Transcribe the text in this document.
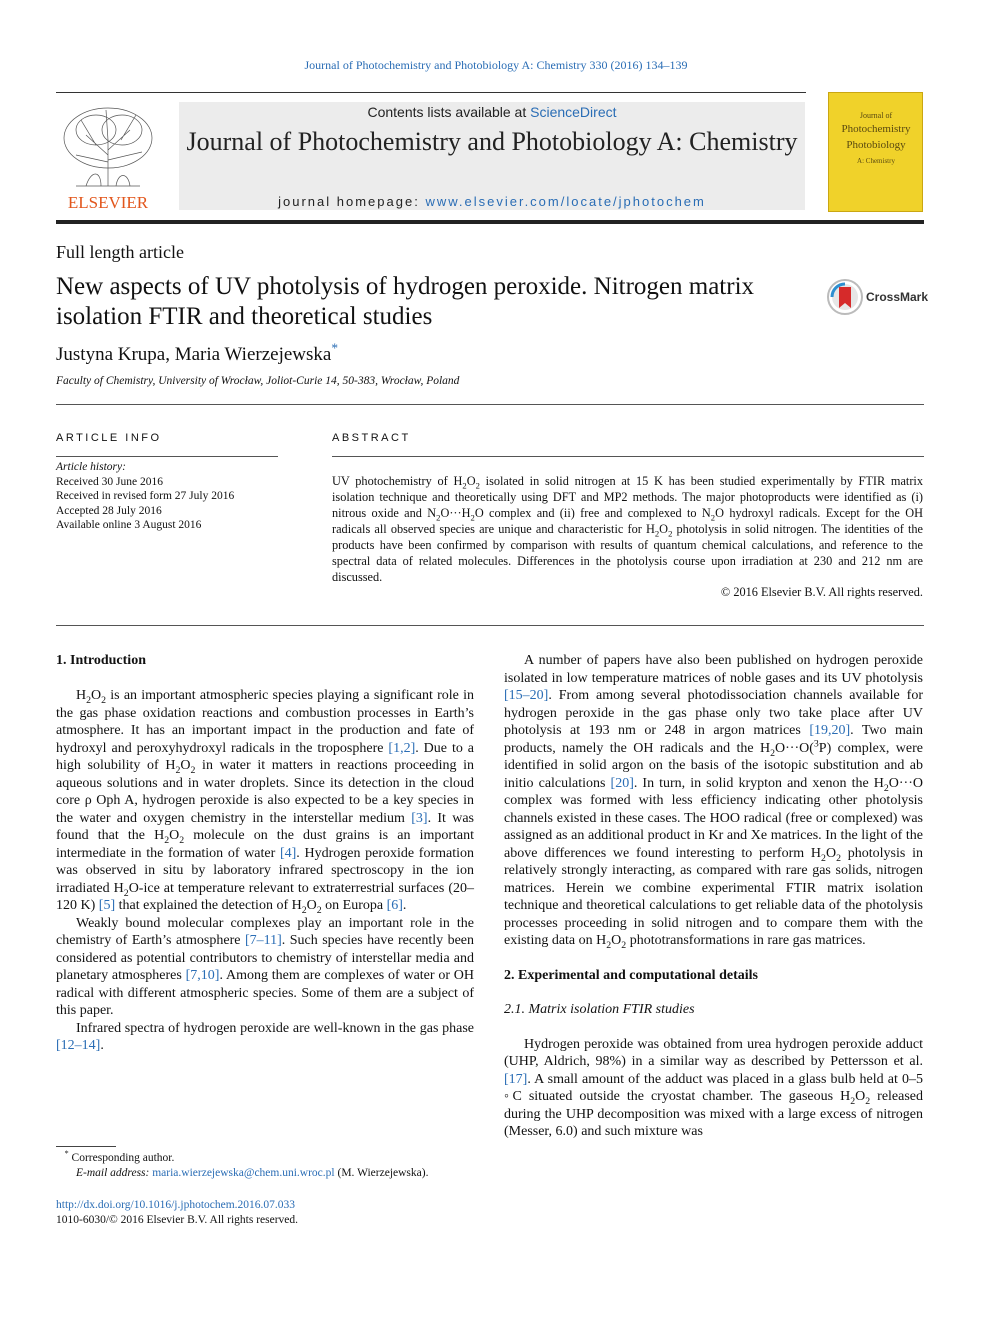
Journal of Photochemistry and Photobiology A: Chemistry 330 (2016) 134–139
ELSEVIER
Contents lists available at ScienceDirect
Journal of Photochemistry and Photobiology A: Chemistry
journal homepage: www.elsevier.com/locate/jphotochem
Journal of
Photochemistry
Photobiology
A: Chemistry
Full length article
New aspects of UV photolysis of hydrogen peroxide. Nitrogen matrix isolation FTIR and theoretical studies
CrossMark
Justyna Krupa, Maria Wierzejewska*
Faculty of Chemistry, University of Wrocław, Joliot-Curie 14, 50-383, Wrocław, Poland
ARTICLE INFO
Article history:
Received 30 June 2016
Received in revised form 27 July 2016
Accepted 28 July 2016
Available online 3 August 2016
ABSTRACT
UV photochemistry of $H_2O_2$ isolated in solid nitrogen at 15 K has been studied experimentally by FTIR matrix isolation technique and theoretically using DFT and MP2 methods. The major photoproducts were identified as (i) nitrous oxide and $N_2O\cdot\cdot\cdot H_2O$ complex and (ii) free and complexed to $N_2O$ hydroxyl radicals. Except for the OH radicals all observed species are unique and characteristic for $H_2O_2$ photolysis in solid nitrogen. The identities of the products have been confirmed by comparison with results of quantum chemical calculations, and reference to the spectral data of related molecules. Differences in the photolysis course upon irradiation at 230 and 212 nm are discussed.
© 2016 Elsevier B.V. All rights reserved.
1. Introduction

$H_2O_2$ is an important atmospheric species playing a significant role in the gas phase oxidation reactions and combustion processes in Earth’s atmosphere. It has an important impact in the production and fate of hydroxyl and peroxyhydroxyl radicals in the troposphere [1,2]. Due to a high solubility of $H_2O_2$ in water it matters in reactions proceeding in aqueous solutions and in water droplets. Since its detection in the cloud core ρ Oph A, hydrogen peroxide is also expected to be a key species in the water and oxygen chemistry in the interstellar medium [3]. It was found that the $H_2O_2$ molecule on the dust grains is an important intermediate in the formation of water [4]. Hydrogen peroxide formation was observed in situ by laboratory infrared spectroscopy in the ion irradiated $H_2O$-ice at temperature relevant to extraterrestrial surfaces (20–120 K) [5] that explained the detection of $H_2O_2$ on Europa [6].

Weakly bound molecular complexes play an important role in the chemistry of Earth’s atmosphere [7–11]. Such species have recently been considered as potential contributors to chemistry of interstellar media and planetary atmospheres [7,10]. Among them are complexes of water or OH radical with different atmospheric species. Some of them are a subject of this paper.

Infrared spectra of hydrogen peroxide are well-known in the gas phase [12–14].

A number of papers have also been published on hydrogen peroxide isolated in low temperature matrices of noble gases and its UV photolysis [15–20]. From among several photodissociation channels available for hydrogen peroxide in the gas phase only two take place after UV photolysis at 193 nm or 248 in argon matrices [19,20]. Two main products, namely the OH radicals and the $H_2O\cdot\cdot\cdot O(^3P)$ complex, were identified in solid argon on the basis of the isotopic substitution and ab initio calculations [20]. In turn, in solid krypton and xenon the $H_2O\cdot\cdot\cdot O$ complex was formed with less efficiency indicating other photolysis channels existed in these cases. The HOO radical (free or complexed) was assigned as an additional product in Kr and Xe matrices. In the light of the above differences we found interesting to perform $H_2O_2$ photolysis in relatively strongly interacting, as compared with rare gas solids, nitrogen matrices. Herein we combine experimental FTIR matrix isolation technique and theoretical calculations to get reliable data of the photolysis processes proceeding in solid nitrogen and to compare them with the existing data on $H_2O_2$ phototransformations in rare gas matrices.

2. Experimental and computational details
2.1. Matrix isolation FTIR studies

Hydrogen peroxide was obtained from urea hydrogen peroxide adduct (UHP, Aldrich, 98%) in a similar way as described by Pettersson et al. [17]. A small amount of the adduct was placed in a glass bulb held at 0–5 ◦C situated outside the cryostat chamber. The gaseous $H_2O_2$ released during the UHP decomposition was mixed with a large excess of nitrogen (Messer, 6.0) and such mixture was

* Corresponding author.
E-mail address: maria.wierzejewska@chem.uni.wroc.pl (M. Wierzejewska).
http://dx.doi.org/10.1016/j.jphotochem.2016.07.033
1010-6030/© 2016 Elsevier B.V. All rights reserved.
